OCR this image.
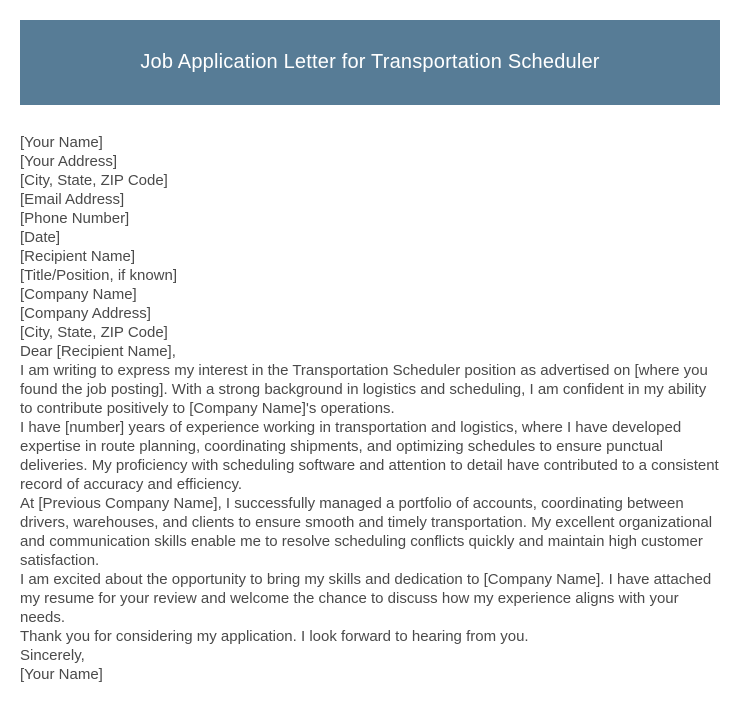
Job Application Letter for Transportation Scheduler
[Your Name]
[Your Address]
[City, State, ZIP Code]
[Email Address]
[Phone Number]
[Date]
[Recipient Name]
[Title/Position, if known]
[Company Name]
[Company Address]
[City, State, ZIP Code]
Dear [Recipient Name],

I am writing to express my interest in the Transportation Scheduler position as advertised on [where you found the job posting]. With a strong background in logistics and scheduling, I am confident in my ability to contribute positively to [Company Name]'s operations.

I have [number] years of experience working in transportation and logistics, where I have developed expertise in route planning, coordinating shipments, and optimizing schedules to ensure punctual deliveries. My proficiency with scheduling software and attention to detail have contributed to a consistent record of accuracy and efficiency.

At [Previous Company Name], I successfully managed a portfolio of accounts, coordinating between drivers, warehouses, and clients to ensure smooth and timely transportation. My excellent organizational and communication skills enable me to resolve scheduling conflicts quickly and maintain high customer satisfaction.

I am excited about the opportunity to bring my skills and dedication to [Company Name]. I have attached my resume for your review and welcome the chance to discuss how my experience aligns with your needs.

Thank you for considering my application. I look forward to hearing from you.

Sincerely,
[Your Name]
